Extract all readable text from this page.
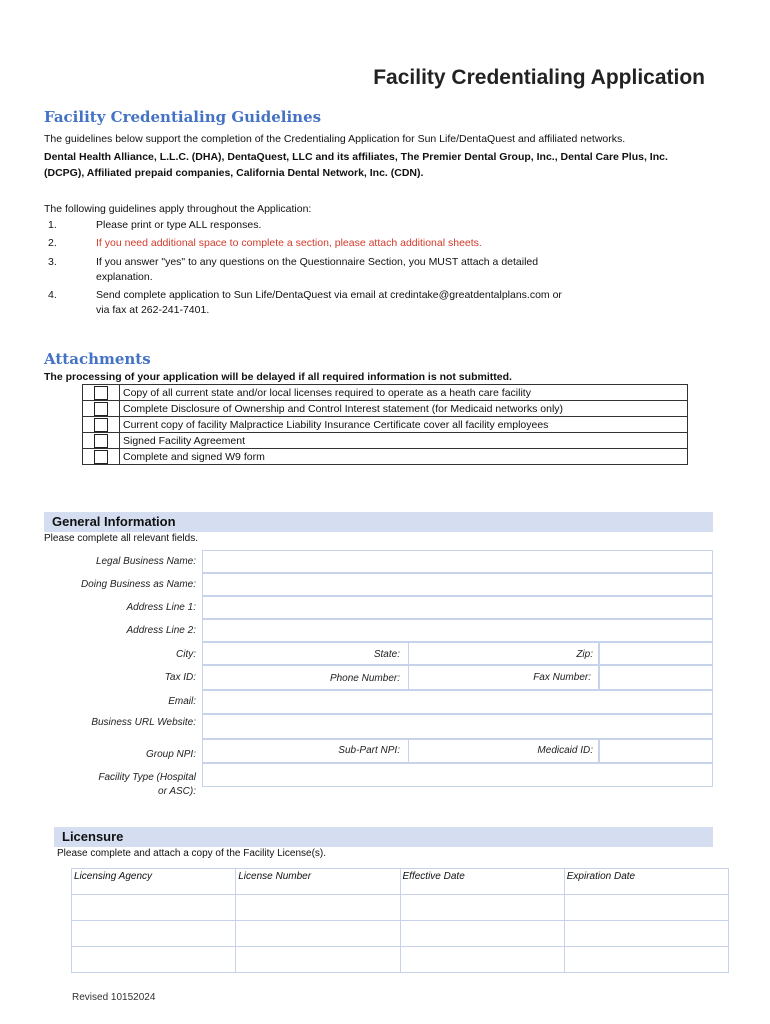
Facility Credentialing Application
Facility Credentialing Guidelines
The guidelines below support the completion of the Credentialing Application for Sun Life/DentaQuest and affiliated networks.
Dental Health Alliance, L.L.C. (DHA), DentaQuest, LLC and its affiliates, The Premier Dental Group, Inc., Dental Care Plus, Inc.
(DCPG), Affiliated prepaid companies, California Dental Network, Inc. (CDN).
The following guidelines apply throughout the Application:
1.	Please print or type ALL responses.
2.	If you need additional space to complete a section, please attach additional sheets.
3.	If you answer "yes" to any questions on the Questionnaire Section, you MUST attach a detailed
explanation.
4.	Send complete application to Sun Life/DentaQuest via email at credintake@greatdentalplans.com or
via fax at 262-241-7401.
Attachments
The processing of your application will be delayed if all required information is not submitted.
	Copy of all current state and/or local licenses required to operate as a heath care facility
	Complete Disclosure of Ownership and Control Interest statement (for Medicaid networks only)
	Current copy of facility Malpractice Liability Insurance Certificate cover all facility employees
	Signed Facility Agreement
	Complete and signed W9 form
General Information
Please complete all relevant fields.
Legal Business Name:
Doing Business as Name:
Address Line 1:
Address Line 2:
City:	State:	Zip:
Tax ID:	Phone Number:	Fax Number:
Email:
Business URL Website:
Group NPI:	Sub-Part NPI:	Medicaid ID:
Facility Type (Hospital
or ASC):
Licensure
Please complete and attach a copy of the Facility License(s).
Licensing Agency	License Number	Effective Date	Expiration Date

Revised 10152024
